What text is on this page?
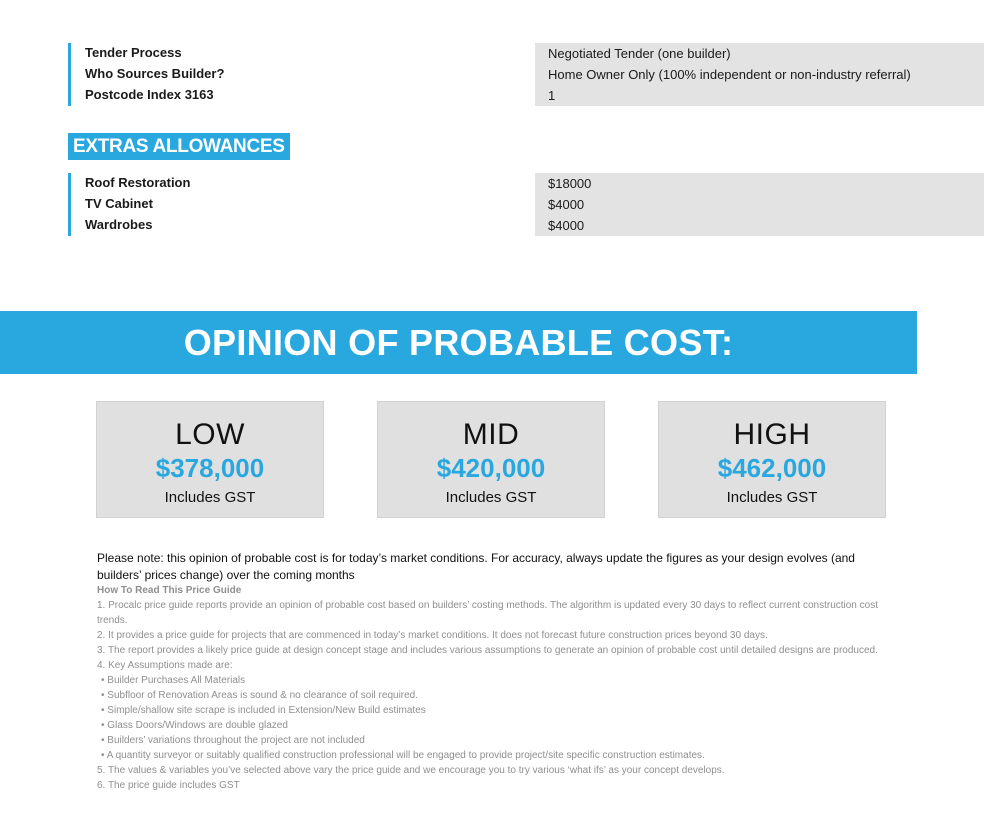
Tender Process	Negotiated Tender (one builder)
Who Sources Builder?	Home Owner Only (100% independent or non-industry referral)
Postcode Index 3163	1
EXTRAS ALLOWANCES
Roof Restoration	$18000
TV Cabinet	$4000
Wardrobes	$4000
OPINION OF PROBABLE COST:
LOW
$378,000
Includes GST
MID
$420,000
Includes GST
HIGH
$462,000
Includes GST
Please note: this opinion of probable cost is for today’s market conditions. For accuracy, always update the figures as your design evolves (and builders’ prices change) over the coming months
How To Read This Price Guide
1. Procalc price guide reports provide an opinion of probable cost based on builders’ costing methods. The algorithm is updated every 30 days to reflect current construction cost trends.
2. It provides a price guide for projects that are commenced in today’s market conditions. It does not forecast future construction prices beyond 30 days.
3. The report provides a likely price guide at design concept stage and includes various assumptions to generate an opinion of probable cost until detailed designs are produced.
4. Key Assumptions made are:
• Builder Purchases All Materials
• Subfloor of Renovation Areas is sound & no clearance of soil required.
• Simple/shallow site scrape is included in Extension/New Build estimates
• Glass Doors/Windows are double glazed
• Builders’ variations throughout the project are not included
• A quantity surveyor or suitably qualified construction professional will be engaged to provide project/site specific construction estimates.
5. The values & variables you’ve selected above vary the price guide and we encourage you to try various ‘what ifs’ as your concept develops.
6. The price guide includes GST
